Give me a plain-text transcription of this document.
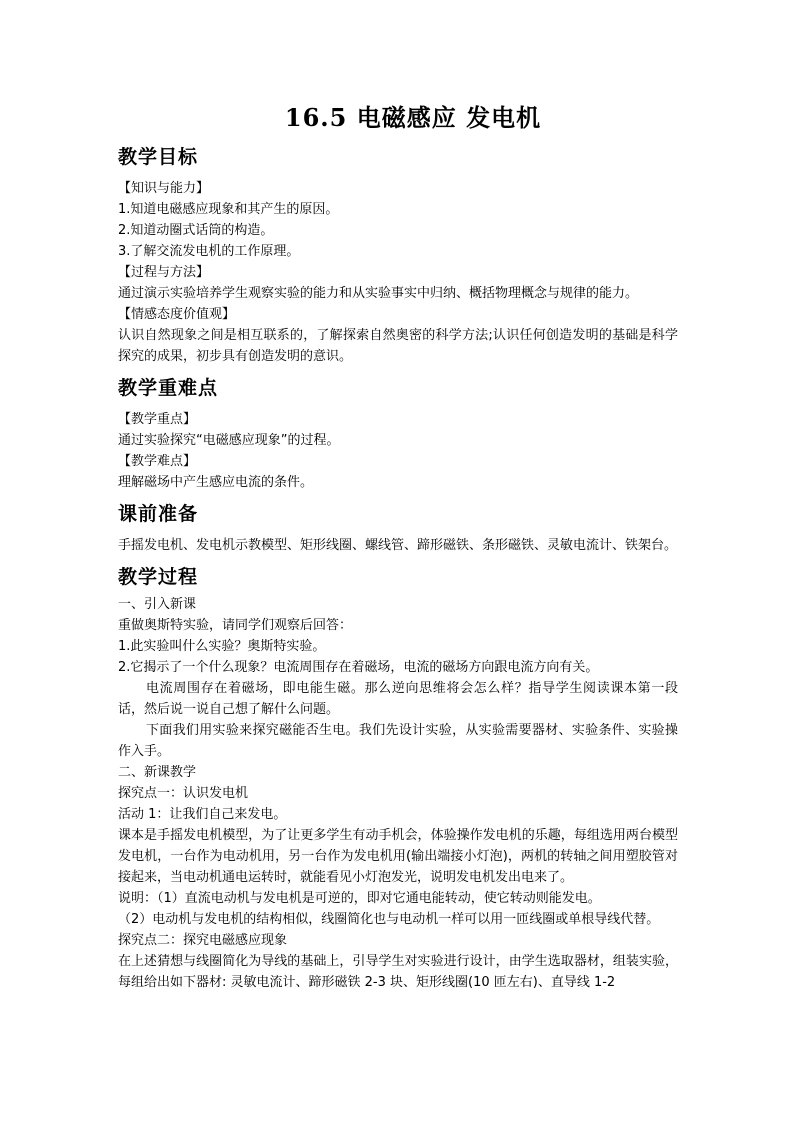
16.5 电磁感应 发电机
教学目标

【知识与能力】

1.知道电磁感应现象和其产生的原因。

2.知道动圈式话筒的构造。

3.了解交流发电机的工作原理。

【过程与方法】

通过演示实验培养学生观察实验的能力和从实验事实中归纳、概括物理概念与规律的能力。

【情感态度价值观】

认识自然现象之间是相互联系的，了解探索自然奥密的科学方法;认识任何创造发明的基础是科学探究的成果，初步具有创造发明的意识。

教学重难点

【教学重点】

通过实验探究“电磁感应现象”的过程。

【教学难点】

理解磁场中产生感应电流的条件。

课前准备

手摇发电机、发电机示教模型、矩形线圈、螺线管、蹄形磁铁、条形磁铁、灵敏电流计、铁架台。

教学过程

一、引入新课

重做奥斯特实验，请同学们观察后回答：

1.此实验叫什么实验？奥斯特实验。

2.它揭示了一个什么现象？电流周围存在着磁场，电流的磁场方向跟电流方向有关。

电流周围存在着磁场，即电能生磁。那么逆向思维将会怎么样？指导学生阅读课本第一段话，然后说一说自己想了解什么问题。

下面我们用实验来探究磁能否生电。我们先设计实验，从实验需要器材、实验条件、实验操作入手。

二、新课教学

探究点一：认识发电机

活动 1：让我们自己来发电。

课本是手摇发电机模型，为了让更多学生有动手机会，体验操作发电机的乐趣，每组选用两台模型发电机，一台作为电动机用，另一台作为发电机用(输出端接小灯泡)，两机的转轴之间用塑胶管对接起来，当电动机通电运转时，就能看见小灯泡发光，说明发电机发出电来了。

说明：（1）直流电动机与发电机是可逆的，即对它通电能转动，使它转动则能发电。

（2）电动机与发电机的结构相似，线圈简化也与电动机一样可以用一匝线圈或单根导线代替。

探究点二：探究电磁感应现象

在上述猜想与线圈简化为导线的基础上，引导学生对实验进行设计，由学生选取器材，组装实验，每组给出如下器材: 灵敏电流计、蹄形磁铁 2-3 块、矩形线圈(10 匝左右)、直导线 1-2
